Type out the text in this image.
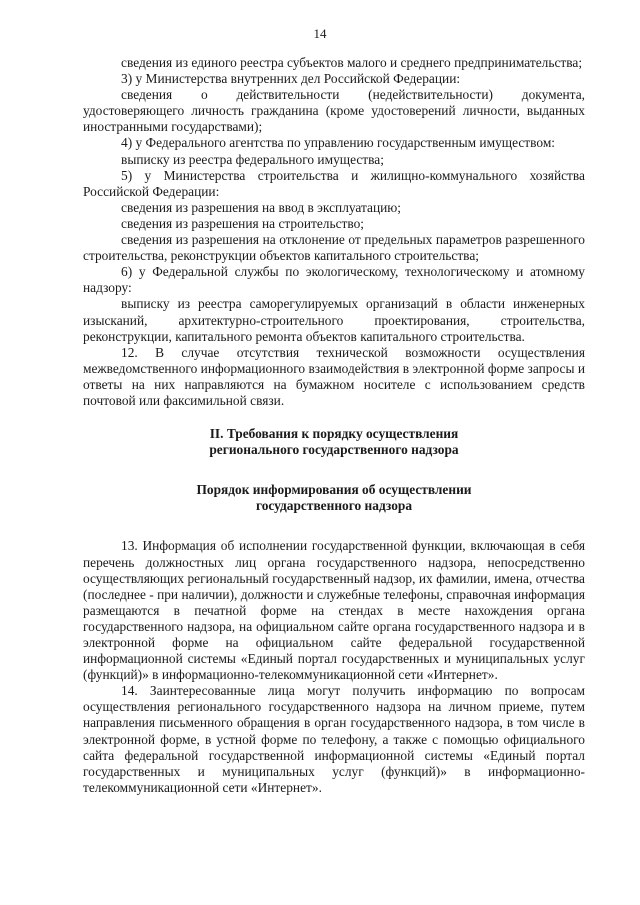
14

сведения из единого реестра субъектов малого и среднего предпринимательства;

3) у Министерства внутренних дел Российской Федерации:

сведения о действительности (недействительности) документа, удостоверяющего личность гражданина (кроме удостоверений личности, выданных иностранными государствами);

4) у Федерального агентства по управлению государственным имуществом:

выписку из реестра федерального имущества;

5) у Министерства строительства и жилищно-коммунального хозяйства Российской Федерации:

сведения из разрешения на ввод в эксплуатацию;

сведения из разрешения на строительство;

сведения из разрешения на отклонение от предельных параметров разрешенного строительства, реконструкции объектов капитального строительства;

6) у Федеральной службы по экологическому, технологическому и атомному надзору:

выписку из реестра саморегулируемых организаций в области инженерных изысканий, архитектурно-строительного проектирования, строительства, реконструкции, капитального ремонта объектов капитального строительства.

12. В случае отсутствия технической возможности осуществления межведомственного информационного взаимодействия в электронной форме запросы и ответы на них направляются на бумажном носителе с использованием средств почтовой или факсимильной связи.

II. Требования к порядку осуществления
регионального государственного надзора
Порядок информирования об осуществлении
государственного надзора

13. Информация об исполнении государственной функции, включающая в себя перечень должностных лиц органа государственного надзора, непосредственно осуществляющих региональный государственный надзор, их фамилии, имена, отчества (последнее - при наличии), должности и служебные телефоны, справочная информация размещаются в печатной форме на стендах в месте нахождения органа государственного надзора, на официальном сайте органа государственного надзора и в электронной форме на официальном сайте федеральной государственной информационной системы «Единый портал государственных и муниципальных услуг (функций)» в информационно-телекоммуникационной сети «Интернет».

14. Заинтересованные лица могут получить информацию по вопросам осуществления регионального государственного надзора на личном приеме, путем направления письменного обращения в орган государственного надзора, в том числе в электронной форме, в устной форме по телефону, а также с помощью официального сайта федеральной государственной информационной системы «Единый портал государственных и муниципальных услуг (функций)» в информационно-телекоммуникационной сети «Интернет».
